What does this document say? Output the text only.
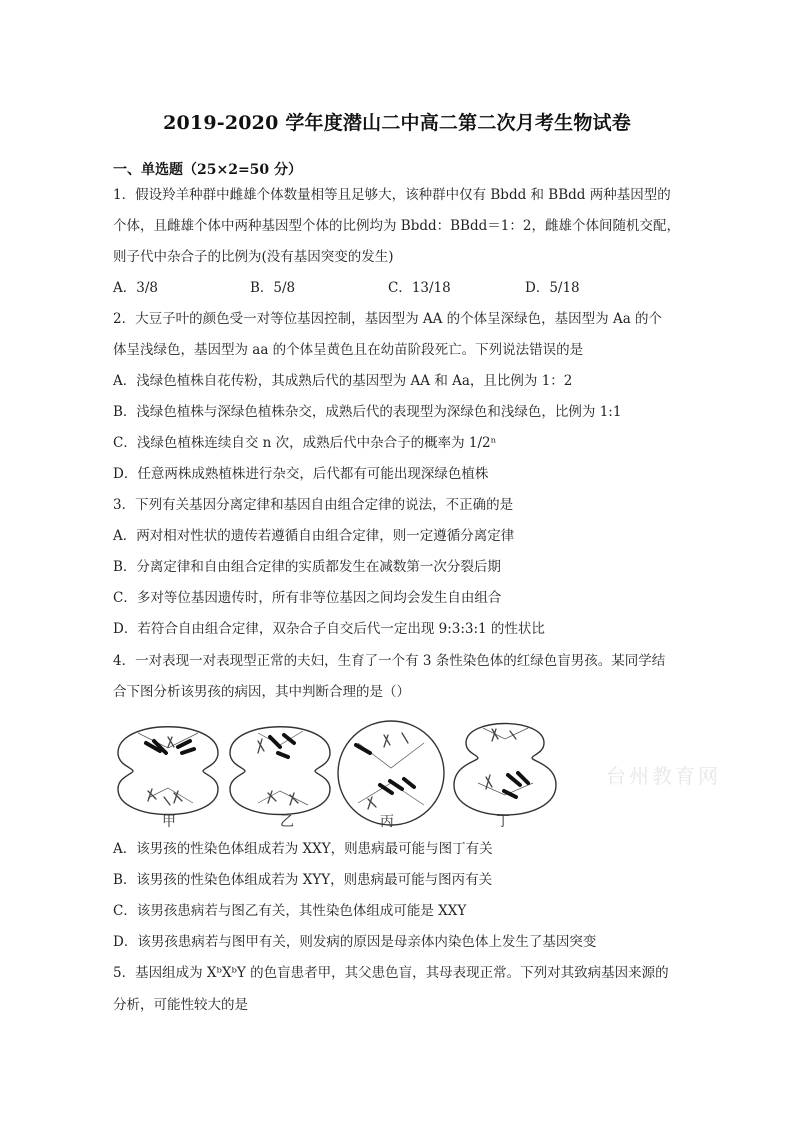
2019-2020 学年度潜山二中高二第二次月考生物试卷
一、单选题（25×2=50 分）
1．假设羚羊种群中雌雄个体数量相等且足够大，该种群中仅有 Bbdd 和 BBdd 两种基因型的
个体，且雌雄个体中两种基因型个体的比例均为 Bbdd：BBdd＝1：2，雌雄个体间随机交配，
则子代中杂合子的比例为(没有基因突变的发生)
A．3/8	B．5/8	C．13/18	D．5/18
2．大豆子叶的颜色受一对等位基因控制，基因型为 AA 的个体呈深绿色，基因型为 Aa 的个
体呈浅绿色，基因型为 aa 的个体呈黄色且在幼苗阶段死亡。下列说法错误的是
A．浅绿色植株自花传粉，其成熟后代的基因型为 AA 和 Aa，且比例为 1：2
B．浅绿色植株与深绿色植株杂交，成熟后代的表现型为深绿色和浅绿色，比例为 1:1
C．浅绿色植株连续自交 n 次，成熟后代中杂合子的概率为 1/2ⁿ
D．任意两株成熟植株进行杂交，后代都有可能出现深绿色植株
3．下列有关基因分离定律和基因自由组合定律的说法，不正确的是
A．两对相对性状的遗传若遵循自由组合定律，则一定遵循分离定律
B．分离定律和自由组合定律的实质都发生在减数第一次分裂后期
C．多对等位基因遗传时，所有非等位基因之间均会发生自由组合
D．若符合自由组合定律，双杂合子自交后代一定出现 9:3:3:1 的性状比
4．一对表现一对表现型正常的夫妇，生育了一个有 3 条性染色体的红绿色盲男孩。某同学结
合下图分析该男孩的病因，其中判断合理的是（）
甲	乙	丙	丁
台州教育网
A．该男孩的性染色体组成若为 XXY，则患病最可能与图丁有关
B．该男孩的性染色体组成若为 XYY，则患病最可能与图丙有关
C．该男孩患病若与图乙有关，其性染色体组成可能是 XXY
D．该男孩患病若与图甲有关，则发病的原因是母亲体内染色体上发生了基因突变
5．基因组成为 XᵇXᵇY 的色盲患者甲，其父患色盲，其母表现正常。下列对其致病基因来源的
分析，可能性较大的是
